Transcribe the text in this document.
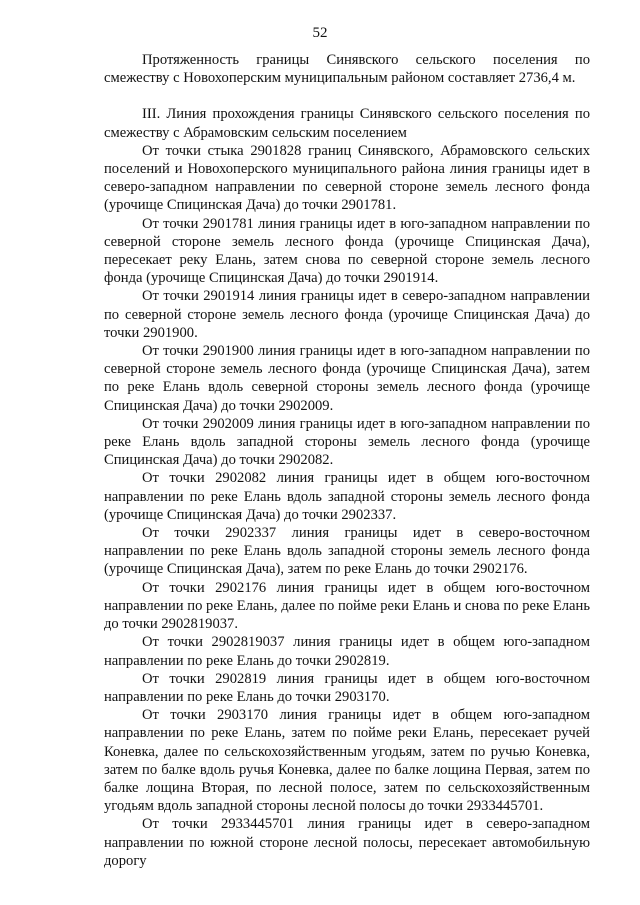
52

Протяженность границы Синявского сельского поселения по смежеству с Новохоперским муниципальным районом составляет 2736,4 м.

III. Линия прохождения границы Синявского сельского поселения по смежеству с Абрамовским сельским поселением

От точки стыка 2901828 границ Синявского, Абрамовского сельских поселений и Новохоперского муниципального района линия границы идет в северо-западном направлении по северной стороне земель лесного фонда (урочище Спицинская Дача) до точки 2901781.

От точки 2901781 линия границы идет в юго-западном направлении по северной стороне земель лесного фонда (урочище Спицинская Дача), пересекает реку Елань, затем снова по северной стороне земель лесного фонда (урочище Спицинская Дача) до точки 2901914.

От точки 2901914 линия границы идет в северо-западном направлении по северной стороне земель лесного фонда (урочище Спицинская Дача) до точки 2901900.

От точки 2901900 линия границы идет в юго-западном направлении по северной стороне земель лесного фонда (урочище Спицинская Дача), затем по реке Елань вдоль северной стороны земель лесного фонда (урочище Спицинская Дача) до точки 2902009.

От точки 2902009 линия границы идет в юго-западном направлении по реке Елань вдоль западной стороны земель лесного фонда (урочище Спицинская Дача) до точки 2902082.

От точки 2902082 линия границы идет в общем юго-восточном направлении по реке Елань вдоль западной стороны земель лесного фонда (урочище Спицинская Дача) до точки 2902337.

От точки 2902337 линия границы идет в северо-восточном направлении по реке Елань вдоль западной стороны земель лесного фонда (урочище Спицинская Дача), затем по реке Елань до точки 2902176.

От точки 2902176 линия границы идет в общем юго-восточном направлении по реке Елань, далее по пойме реки Елань и снова по реке Елань до точки 2902819037.

От точки 2902819037 линия границы идет в общем юго-западном направлении по реке Елань до точки 2902819.

От точки 2902819 линия границы идет в общем юго-восточном направлении по реке Елань до точки 2903170.

От точки 2903170 линия границы идет в общем юго-западном направлении по реке Елань, затем по пойме реки Елань, пересекает ручей Коневка, далее по сельскохозяйственным угодьям, затем по ручью Коневка, затем по балке вдоль ручья Коневка, далее по балке лощина Первая, затем по балке лощина Вторая, по лесной полосе, затем по сельскохозяйственным угодьям вдоль западной стороны лесной полосы до точки 2933445701.

От точки 2933445701 линия границы идет в северо-западном направлении по южной стороне лесной полосы, пересекает автомобильную дорогу
